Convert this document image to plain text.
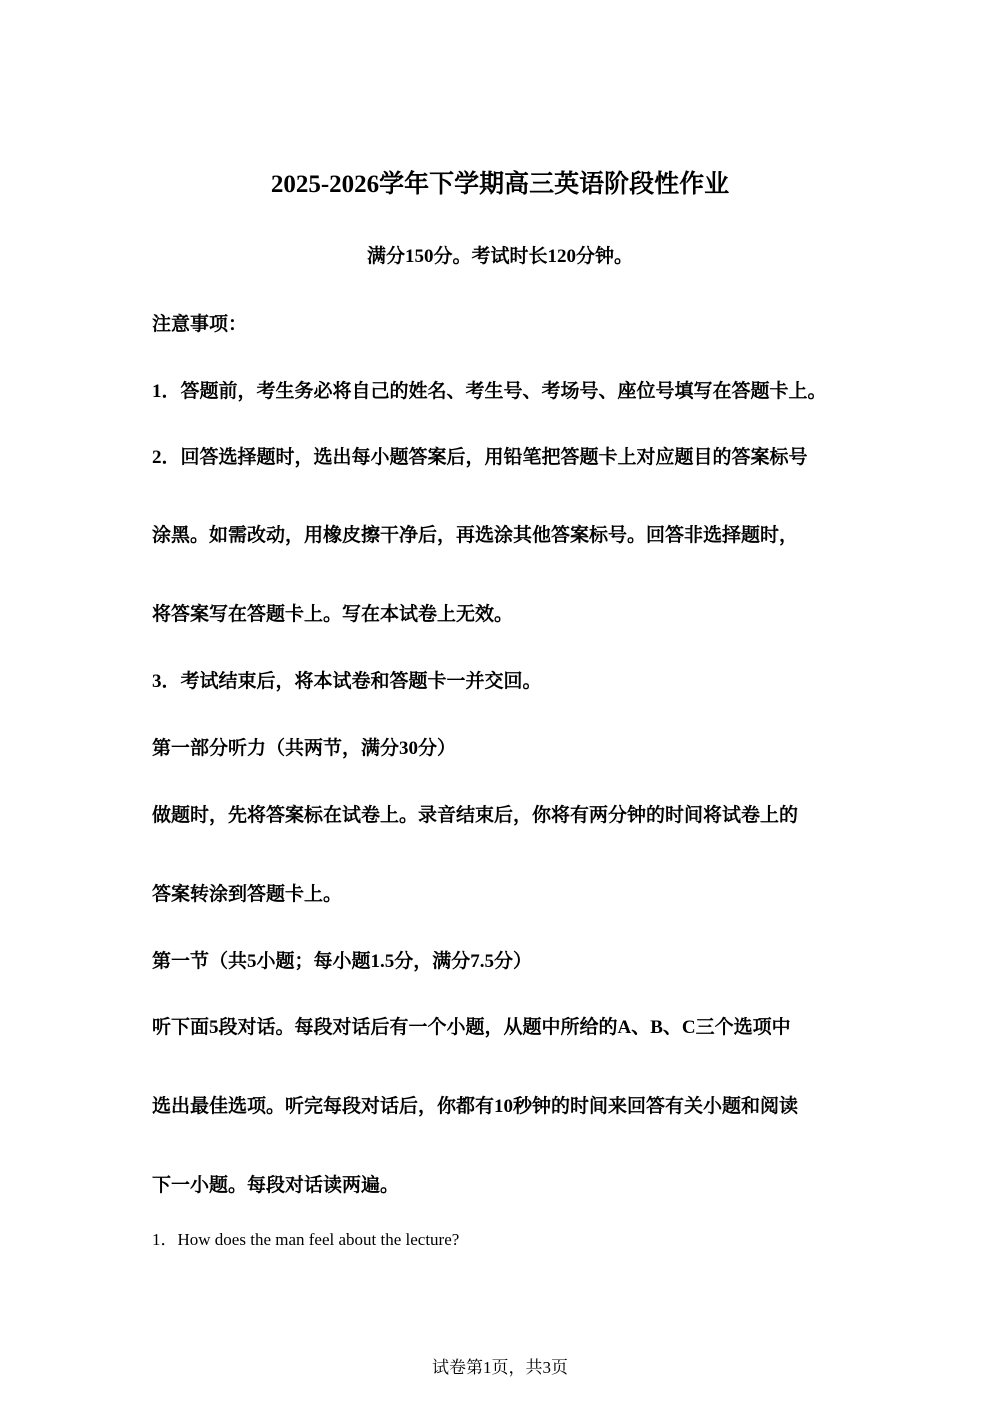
2025-2026学年下学期高三英语阶段性作业
满分150分。考试时长120分钟。
注意事项：
1．答题前，考生务必将自己的姓名、考生号、考场号、座位号填写在答题卡上。
2．回答选择题时，选出每小题答案后，用铅笔把答题卡上对应题目的答案标号
涂黑。如需改动，用橡皮擦干净后，再选涂其他答案标号。回答非选择题时，
将答案写在答题卡上。写在本试卷上无效。
3．考试结束后，将本试卷和答题卡一并交回。
第一部分听力（共两节，满分30分）
做题时，先将答案标在试卷上。录音结束后，你将有两分钟的时间将试卷上的
答案转涂到答题卡上。
第一节（共5小题；每小题1.5分，满分7.5分）
听下面5段对话。每段对话后有一个小题，从题中所给的A、B、C三个选项中
选出最佳选项。听完每段对话后，你都有10秒钟的时间来回答有关小题和阅读
下一小题。每段对话读两遍。
1．How does the man feel about the lecture?
试卷第1页，共3页
